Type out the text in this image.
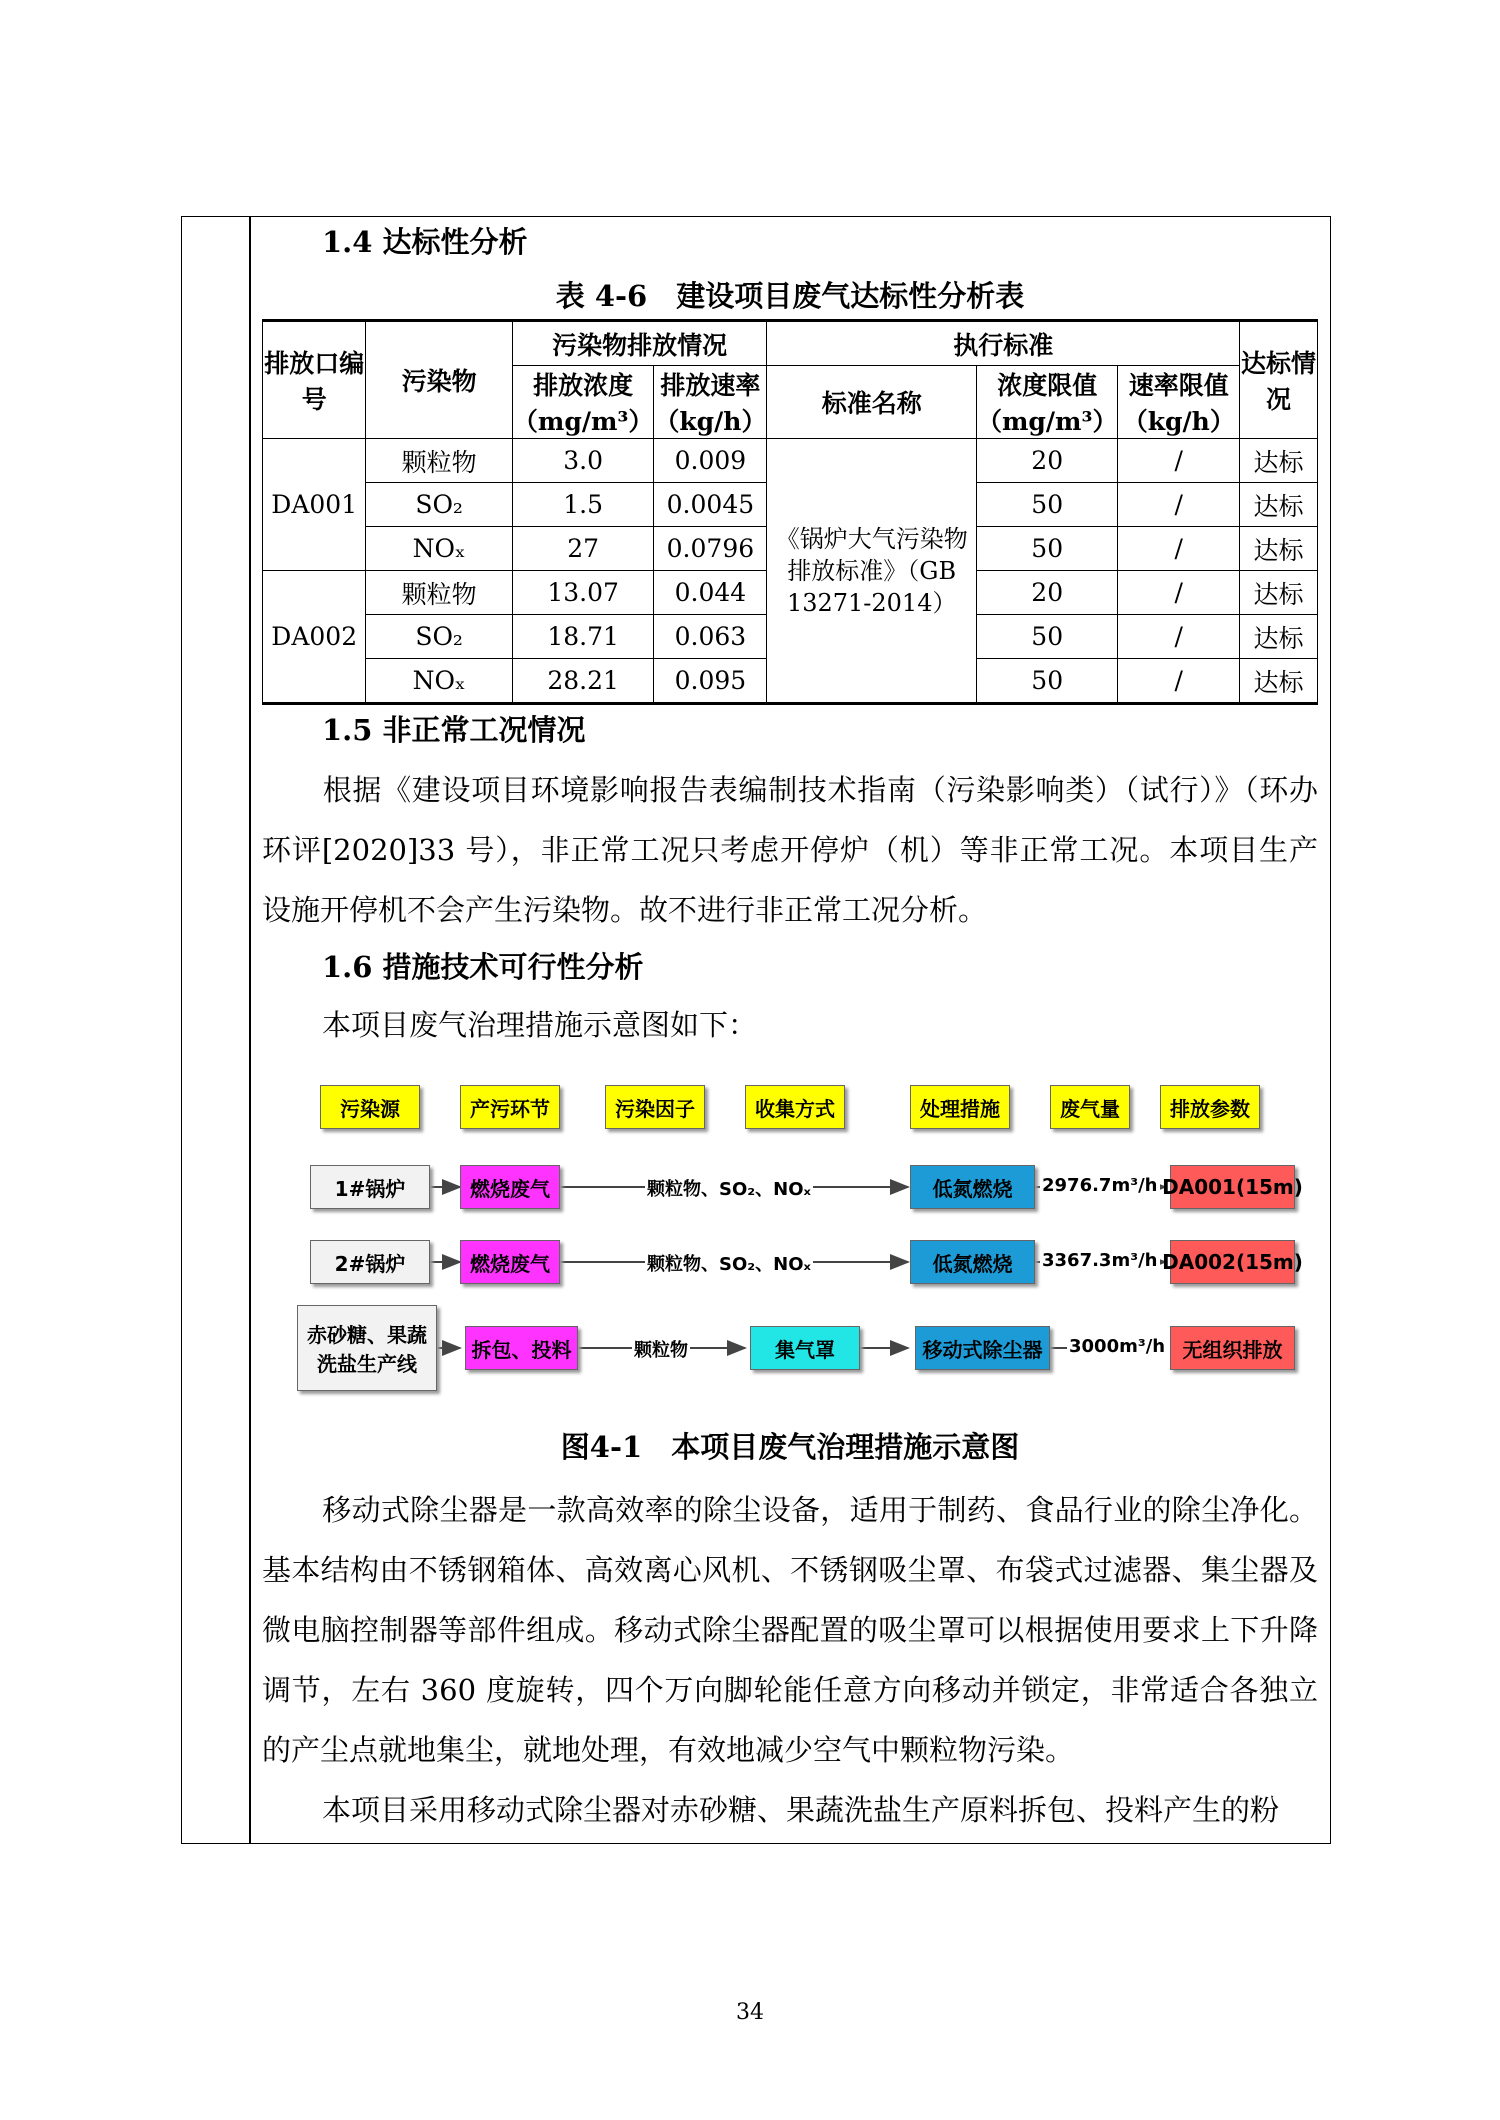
1.4 达标性分析
表 4-6　建设项目废气达标性分析表
排放口编号	污染物	污染物排放情况		执行标准			达标情况
		排放浓度（mg/m³）	排放速率（kg/h）	标准名称	浓度限值（mg/m³）	速率限值（kg/h）	
DA001	颗粒物	3.0	0.009	《锅炉大气污染物排放标准》（GB 13271-2014）	20	/	达标
	SO₂	1.5	0.0045		50	/	达标
	NOₓ	27	0.0796		50	/	达标
DA002	颗粒物	13.07	0.044		20	/	达标
	SO₂	18.71	0.063		50	/	达标
	NOₓ	28.21	0.095		50	/	达标
1.5 非正常工况情况
根据《建设项目环境影响报告表编制技术指南（污染影响类）（试行）》（环办环评[2020]33 号），非正常工况只考虑开停炉（机）等非正常工况。本项目生产设施开停机不会产生污染物。故不进行非正常工况分析。
1.6 措施技术可行性分析
本项目废气治理措施示意图如下：
污染源	产污环节	污染因子	收集方式	处理措施	废气量	排放参数
1#锅炉	燃烧废气	颗粒物、SO₂、NOₓ	低氮燃烧	2976.7m³/h DA001(15m)
2#锅炉	燃烧废气	颗粒物、SO₂、NOₓ	低氮燃烧	3367.3m³/h DA002(15m)
赤砂糖、果蔬洗盐生产线
拆包、投料	颗粒物	集气罩	移动式除尘器	3000m³/h 无组织排放
图4-1　本项目废气治理措施示意图
移动式除尘器是一款高效率的除尘设备，适用于制药、食品行业的除尘净化。基本结构由不锈钢箱体、高效离心风机、不锈钢吸尘罩、布袋式过滤器、集尘器及微电脑控制器等部件组成。移动式除尘器配置的吸尘罩可以根据使用要求上下升降调节，左右 360 度旋转，四个万向脚轮能任意方向移动并锁定，非常适合各独立的产尘点就地集尘，就地处理，有效地减少空气中颗粒物污染。
本项目采用移动式除尘器对赤砂糖、果蔬洗盐生产原料拆包、投料产生的粉
34
